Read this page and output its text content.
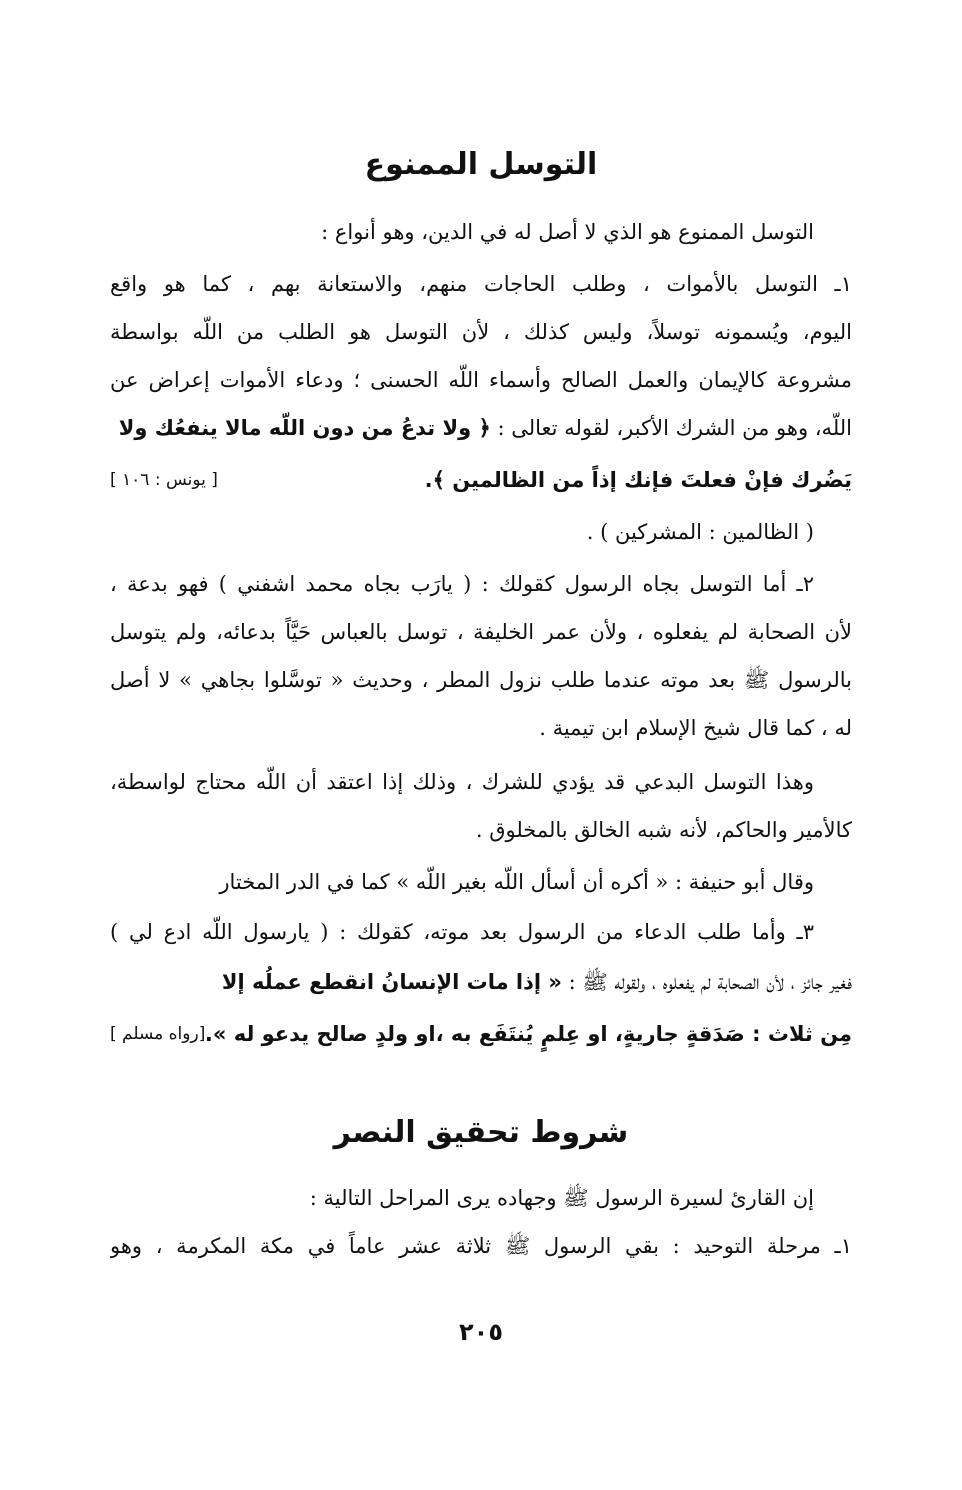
التوسل الممنوع
التوسل الممنوع هو الذي لا أصل له في الدين، وهو أنواع :
١ـ التوسل بالأموات ، وطلب الحاجات منهم، والاستعانة بهم ، كما هو واقع
اليوم، ويُسمونه توسلاً، وليس كذلك ، لأن التوسل هو الطلب من اللّه بواسطة
مشروعة كالإيمان والعمل الصالح وأسماء اللّه الحسنى ؛ ودعاء الأموات إعراض عن
اللّه، وهو من الشرك الأكبر، لقوله تعالى : ﴿ ولا تدعُ من دون اللّه مالا ينفعُك ولا
يَضُرك فإنْ فعلتَ فإنك إذاً من الظالمين ﴾.
[ يونس : ١٠٦ ]
( الظالمين : المشركين ) .
٢ـ أما التوسل بجاه الرسول كقولك : ( يارَب بجاه محمد اشفني ) فهو بدعة ،
لأن الصحابة لم يفعلوه ، ولأن عمر الخليفة ، توسل بالعباس حَيَّاً بدعائه، ولم يتوسل
بالرسول ﷺ بعد موته عندما طلب نزول المطر ، وحديث « توسَّلوا بجاهي » لا أصل
له ، كما قال شيخ الإسلام ابن تيمية .
وهذا التوسل البدعي قد يؤدي للشرك ، وذلك إذا اعتقد أن اللّه محتاج لواسطة،
كالأمير والحاكم، لأنه شبه الخالق بالمخلوق .
وقال أبو حنيفة : « أكره أن أسأل اللّه بغير اللّه » كما في الدر المختار
٣ـ وأما طلب الدعاء من الرسول بعد موته، كقولك : ( يارسول اللّه ادع لي )
فغير جائز ، لأن الصحابة لم يفعلوه ، ولقوله ﷺ : « إذا مات الإنسانُ انقطع عملُه إلا
مِن ثلاث : صَدَقةٍ جاريةٍ، او عِلمٍ يُنتَفَع به ،او ولدٍ صالح يدعو له ».
[رواه مسلم ]
شروط تحقيق النصر
إن القارئ لسيرة الرسول ﷺ وجهاده يرى المراحل التالية :
١ـ مرحلة التوحيد : بقي الرسول ﷺ ثلاثة عشر عاماً في مكة المكرمة ، وهو
٢٠٥
